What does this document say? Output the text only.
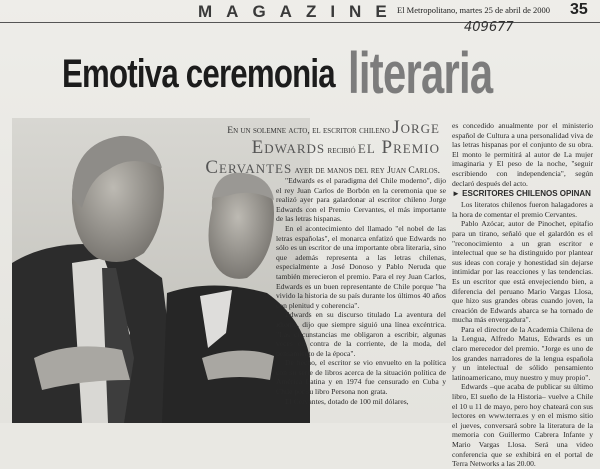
MAGAZINE
El Metropolitano, martes 25 de abril de 2000 35
409677
Emotiva ceremonia literaria
En un solemne acto, el escritor chileno Jorge
Edwards recibió el Premio
Cervantes ayer de manos del rey Juan Carlos.

"Edwards es el paradigma del Chile moderno", dijo el rey Juan Carlos de Borbón en la ceremonia que se realizó ayer para galardonar al escritor chileno Jorge Edwards con el Premio Cervantes, el más importante de las letras hispanas.

En el acontecimiento del llamado "el nobel de las letras españolas", el monarca enfatizó que Edwards no sólo es un escritor de una importante obra literaria, sino que además representa a las letras chilenas, especialmente a José Donoso y Pablo Neruda que también merecieron el premio. Para el rey Juan Carlos, Edwards es un buen representante de Chile porque "ha vivido la historia de su país durante los últimos 40 años con plenitud y coherencia".

Edwards en su discurso titulado La aventura del idioma, dijo que siempre siguió una línea excéntrica. "Las circunstancias me obligaron a escribir, algunas veces en contra de la corriente, de la moda, del pensamiento de la época".

De hecho, el escritor se vio envuelto en la política con su serie de libros acerca de la situación política de América Latina y en 1974 fue censurado en Cuba y Chile por su libro Persona non grata.

El Cervantes, dotado de 100 mil dólares,

es concedido anualmente por el ministerio español de Cultura a una personalidad viva de las letras hispanas por el conjunto de su obra. El monto le permitirá al autor de La mujer imaginaria y El peso de la noche, "seguir escribiendo con independencia", según declaró después del acto.

► ESCRITORES CHILENOS OPINAN

Los literatos chilenos fueron halagadores a la hora de comentar el premio Cervantes.

Pablo Azócar, autor de Pinochet, epitafio para un tirano, señaló que el galardón es el "reconocimiento a un gran escritor e intelectual que se ha distinguido por plantear sus ideas con coraje y honestidad sin dejarse intimidar por las reacciones y las tendencias. Es un escritor que está envejeciendo bien, a diferencia del peruano Mario Vargas Llosa, que hizo sus grandes obras cuando joven, la creación de Edwards abarca se ha tornado de mucha más envergadura".

Para el director de la Academia Chilena de la Lengua, Alfredo Matus, Edwards es un claro merecedor del premio. "Jorge es uno de los grandes narradores de la lengua española y un intelectual de sólido pensamiento latinoamericano, muy nuestro y muy propio".

Edwards –que acaba de publicar su último libro, El sueño de la Historia– vuelve a Chile el 10 u 11 de mayo, pero hoy chateará con sus lectores en www.terra.es y en el mismo sitio el jueves, conversará sobre la literatura de la memoria con Guillermo Cabrera Infante y Mario Vargas Llosa. Será una video conferencia que se exhibirá en el portal de Terra Networks a las 20.00.
